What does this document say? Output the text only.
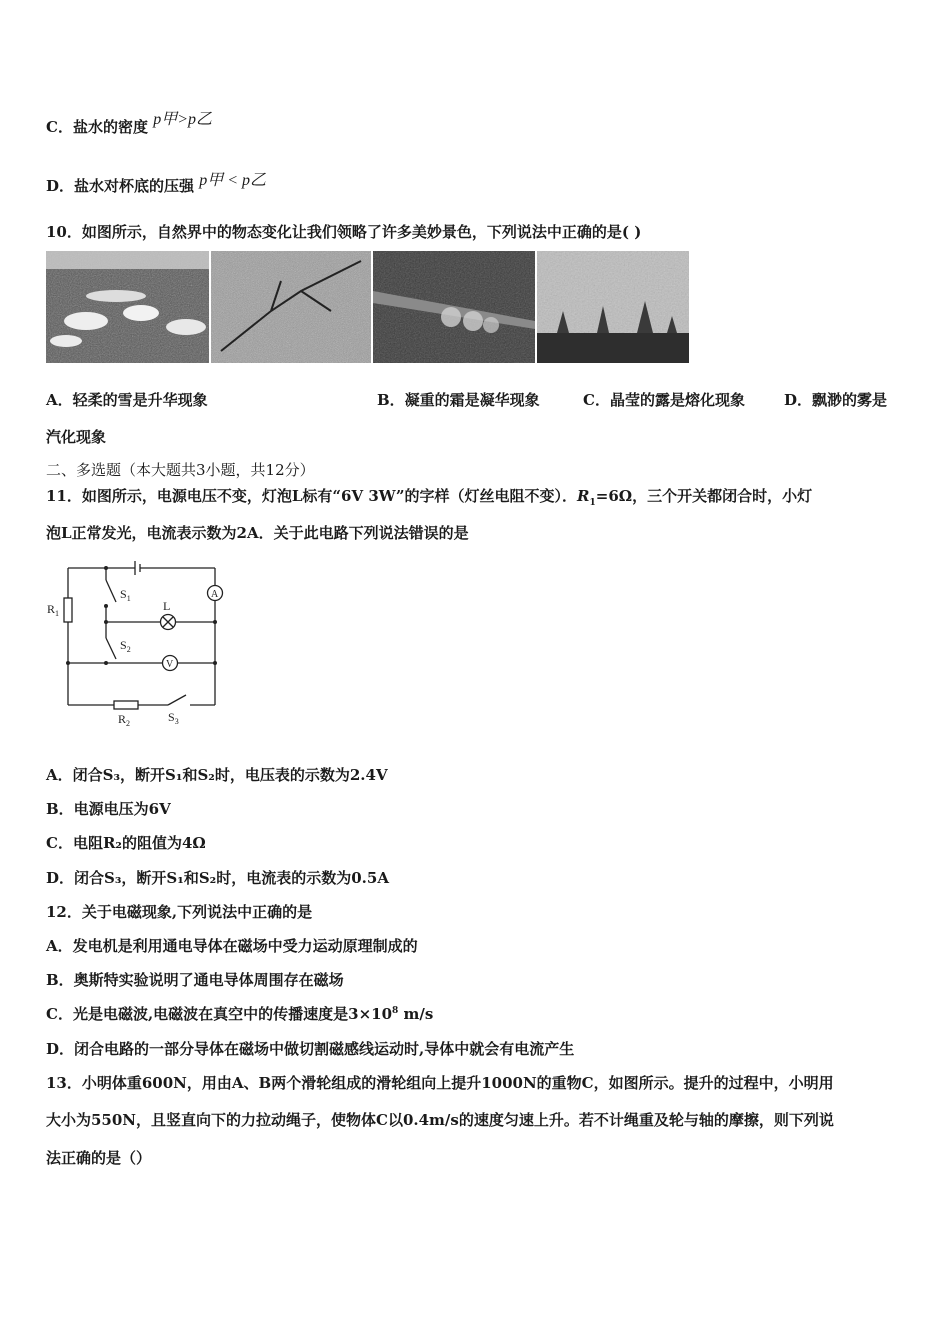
C．盐水的密度 p甲>p乙
D．盐水对杯底的压强 p甲 < p乙
10．如图所示，自然界中的物态变化让我们领略了许多美妙景色，下列说法中正确的是( )
A．轻柔的雪是升华现象	B．凝重的霜是凝华现象	C．晶莹的露是熔化现象	D．飘渺的雾是
汽化现象
二、多选题（本大题共3小题，共12分）
11．如图所示，电源电压不变，灯泡L标有“6V 3W”的字样（灯丝电阻不变）．$R_1=6\Omega$，三个开关都闭合时，小灯
泡L正常发光，电流表示数为2A．关于此电路下列说法错误的是
$R_1$
$S_1$
L
$S_2$
A
V
$R_2$	$S_3$
A．闭合S₃，断开S₁和S₂时，电压表的示数为2.4V
B．电源电压为6V
C．电阻R₂的阻值为4Ω
D．闭合S₃，断开S₁和S₂时，电流表的示数为0.5A
12．关于电磁现象,下列说法中正确的是
A．发电机是利用通电导体在磁场中受力运动原理制成的
B．奥斯特实验说明了通电导体周围存在磁场
C．光是电磁波,电磁波在真空中的传播速度是$3\times 10^8$ m/s
D．闭合电路的一部分导体在磁场中做切割磁感线运动时,导体中就会有电流产生
13．小明体重600N，用由A、B两个滑轮组成的滑轮组向上提升1000N的重物C，如图所示。提升的过程中，小明用
大小为550N，且竖直向下的力拉动绳子，使物体C以0.4m/s的速度匀速上升。若不计绳重及轮与轴的摩擦，则下列说
法正确的是（）
